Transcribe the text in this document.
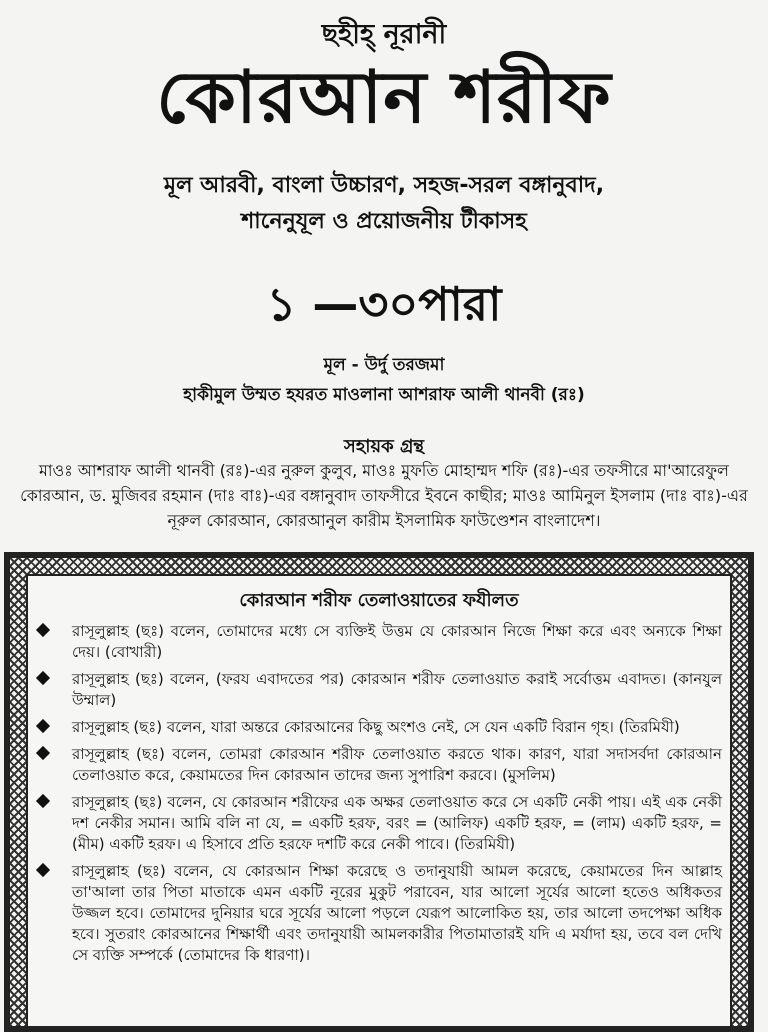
ছহীহ্ নূরানী
কোরআন শরীফ
মূল আরবী, বাংলা উচ্চারণ, সহজ-সরল বঙ্গানুবাদ,
শানেনুযূল ও প্রয়োজনীয় টীকাসহ
১ —৩০পারা
মূল - উর্দু তরজমা
হাকীমুল উম্মত হযরত মাওলানা আশরাফ আলী থানবী (রঃ)
সহায়ক গ্রন্থ
মাওঃ আশরাফ আলী থানবী (রঃ)-এর নুরুল কুলুব, মাওঃ মুফতি মোহাম্মদ শফি (রঃ)-এর তফসীরে মা'আরেফুল কোরআন, ড. মুজিবর রহমান (দাঃ বাঃ)-এর বঙ্গানুবাদ তাফসীরে ইবনে কাছীর; মাওঃ আমিনুল ইসলাম (দাঃ বাঃ)-এর নূরুল কোরআন, কোরআনুল কারীম ইসলামিক ফাউণ্ডেশন বাংলাদেশ।
কোরআন শরীফ তেলাওয়াতের ফযীলত
রাসূলুল্লাহ (ছঃ) বলেন, তোমাদের মধ্যে সে ব্যক্তিই উত্তম যে কোরআন নিজে শিক্ষা করে এবং অন্যকে শিক্ষা দেয়। (বোখারী)
রাসূলুল্লাহ (ছঃ) বলেন, (ফরয এবাদতের পর) কোরআন শরীফ তেলাওয়াত করাই সর্বোত্তম এবাদত। (কানযুল উম্মাল)
রাসূলুল্লাহ (ছঃ) বলেন, যারা অন্তরে কোরআনের কিছু অংশও নেই, সে যেন একটি বিরান গৃহ। (তিরমিযী)
রাসূলুল্লাহ (ছঃ) বলেন, তোমরা কোরআন শরীফ তেলাওয়াত করতে থাক। কারণ, যারা সদাসর্বদা কোরআন তেলাওয়াত করে, কেয়ামতের দিন কোরআন তাদের জন্য সুপারিশ করবে। (মুসলিম)
রাসূলুল্লাহ (ছঃ) বলেন, যে কোরআন শরীফের এক অক্ষর তেলাওয়াত করে সে একটি নেকী পায়। এই এক নেকী দশ নেকীর সমান। আমি বলি না যে, = একটি হরফ, বরং = (আলিফ) একটি হরফ, = (লাম) একটি হরফ, = (মীম) একটি হরফ। এ হিসাবে প্রতি হরফে দশটি করে নেকী পাবে। (তিরমিযী)
রাসূলুল্লাহ (ছঃ) বলেন, যে কোরআন শিক্ষা করেছে ও তদানুযায়ী আমল করেছে, কেয়ামতের দিন আল্লাহ তা'আলা তার পিতা মাতাকে এমন একটি নূরের মুকুট পরাবেন, যার আলো সূর্যের আলো হতেও অধিকতর উজ্জল হবে। তোমাদের দুনিয়ার ঘরে সূর্যের আলো পড়লে যেরূপ আলোকিত হয়, তার আলো তদপেক্ষা অধিক হবে। সুতরাং কোরআনের শিক্ষার্থী এবং তদানুযায়ী আমলকারীর পিতামাতারই যদি এ মর্যাদা হয়, তবে বল দেখি সে ব্যক্তি সম্পর্কে (তোমাদের কি ধারণা)।
